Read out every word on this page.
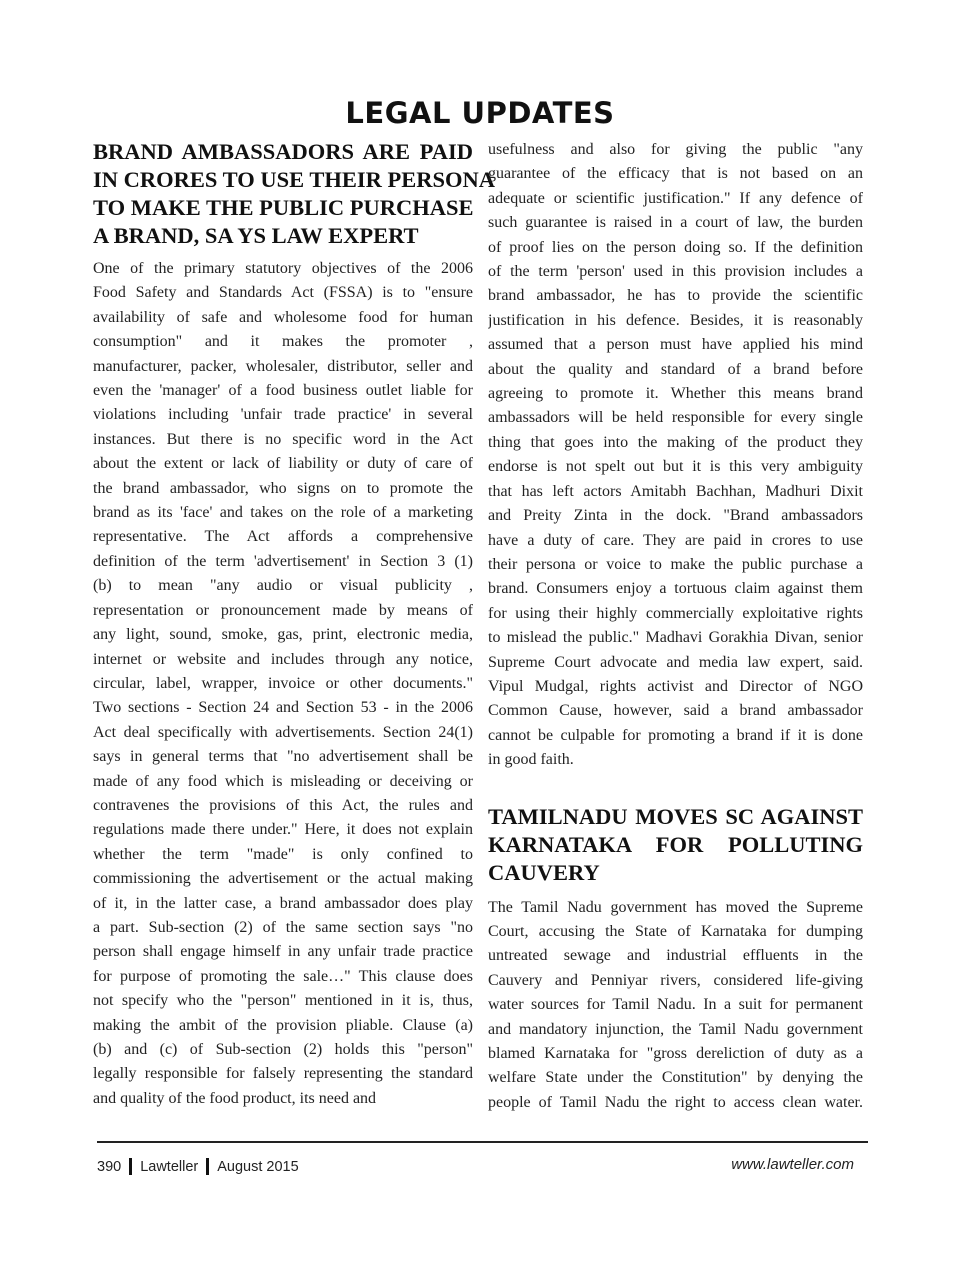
LEGAL UPDATES
BRAND AMBASSADORS ARE PAID
IN CRORES TO USE THEIR PERSONA
TO MAKE THE PUBLIC PURCHASE
A BRAND, SA YS LAW EXPERT
One of the primary statutory objectives of the 2006
Food Safety and Standards Act (FSSA) is to "ensure
availability of safe and wholesome food for human
consumption" and it makes the promoter ,
manufacturer, packer, wholesaler, distributor, seller and
even the 'manager' of a food business outlet liable for
violations including 'unfair trade practice' in several
instances. But there is no specific word in the Act
about the extent or lack of liability or duty of care of
the brand ambassador, who signs on to promote the
brand as its 'face' and takes on the role of a marketing
representative. The Act affords a comprehensive
definition of the term 'advertisement' in Section 3 (1)
(b) to mean "any audio or visual publicity ,
representation or pronouncement made by means of
any light, sound, smoke, gas, print, electronic media,
internet or website and includes through any notice,
circular, label, wrapper, invoice or other documents."
Two sections - Section 24 and Section 53 - in the 2006
Act deal specifically with advertisements. Section 24(1)
says in general terms that "no advertisement shall be
made of any food which is misleading or deceiving or
contravenes the provisions of this Act, the rules and
regulations made there under." Here, it does not explain
whether the term "made" is only confined to
commissioning the advertisement or the actual making
of it, in the latter case, a brand ambassador does play
a part. Sub-section (2) of the same section says "no
person shall engage himself in any unfair trade practice
for purpose of promoting the sale…" This clause does
not specify who the "person" mentioned in it is, thus,
making the ambit of the provision pliable. Clause (a)
(b) and (c) of Sub-section (2) holds this "person"
legally responsible for falsely representing the standard
and quality of the food product, its need and
usefulness and also for giving the public "any
guarantee of the efficacy that is not based on an
adequate or scientific justification." If any defence of
such guarantee is raised in a court of law, the burden
of proof lies on the person doing so. If the definition
of the term 'person' used in this provision includes a
brand ambassador, he has to provide the scientific
justification in his defence. Besides, it is reasonably
assumed that a person must have applied his mind
about the quality and standard of a brand before
agreeing to promote it. Whether this means brand
ambassadors will be held responsible for every single
thing that goes into the making of the product they
endorse is not spelt out but it is this very ambiguity
that has left actors Amitabh Bachhan, Madhuri Dixit
and Preity Zinta in the dock. "Brand ambassadors
have a duty of care. They are paid in crores to use
their persona or voice to make the public purchase a
brand. Consumers enjoy a tortuous claim against them
for using their highly commercially exploitative rights
to mislead the public." Madhavi Gorakhia Divan, senior
Supreme Court advocate and media law expert, said.
Vipul Mudgal, rights activist and Director of NGO
Common Cause, however, said a brand ambassador
cannot be culpable for promoting a brand if it is done
in good faith.
TAMILNADU MOVES SC AGAINST
KARNATAKA FOR POLLUTING
CAUVERY
The Tamil Nadu government has moved the Supreme
Court, accusing the State of Karnataka for dumping
untreated sewage and industrial effluents in the
Cauvery and Penniyar rivers, considered life-giving
water sources for Tamil Nadu. In a suit for permanent
and mandatory injunction, the Tamil Nadu government
blamed Karnataka for "gross dereliction of duty as a
welfare State under the Constitution" by denying the
people of Tamil Nadu the right to access clean water.
390 Lawteller August 2015	www.lawteller.com
